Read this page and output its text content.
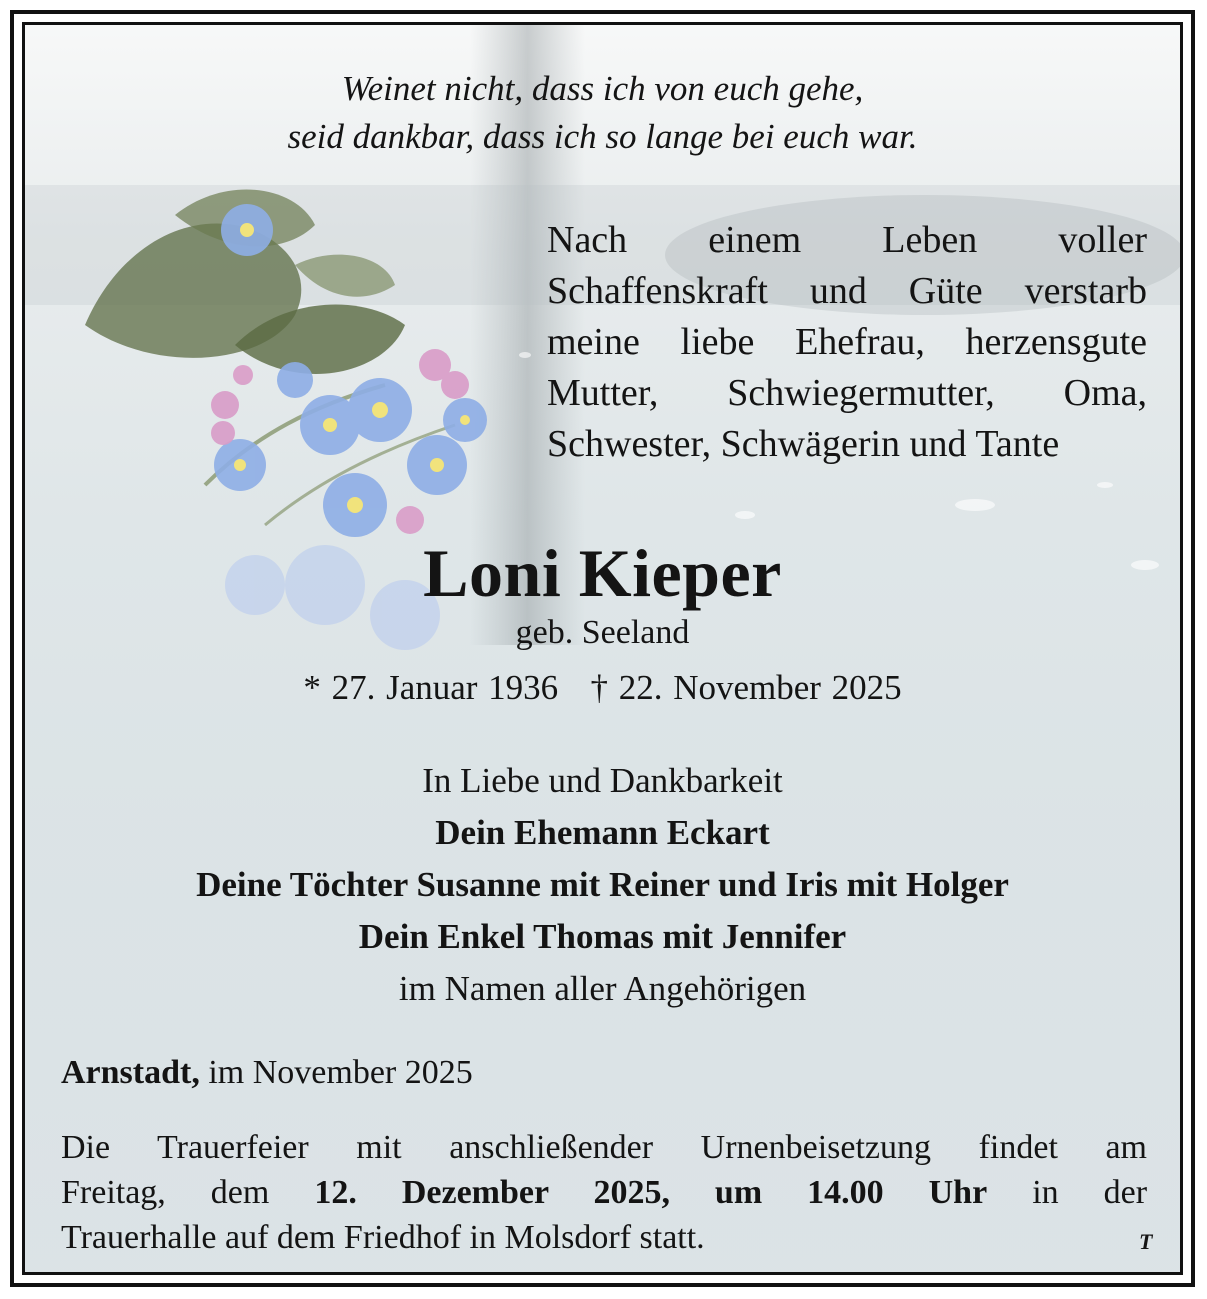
Weinet nicht, dass ich von euch gehe,
seid dankbar, dass ich so lange bei euch war.
Nach einem Leben voller
Schaffenskraft und Güte verstarb
meine liebe Ehefrau, herzensgute
Mutter, Schwiegermutter, Oma,
Schwester, Schwägerin und Tante
Loni Kieper
geb. Seeland
* 27. Januar 1936 † 22. November 2025
In Liebe und Dankbarkeit
Dein Ehemann Eckart
Deine Töchter Susanne mit Reiner und Iris mit Holger
Dein Enkel Thomas mit Jennifer
im Namen aller Angehörigen
Arnstadt, im November 2025
Die Trauerfeier mit anschließender Urnenbeisetzung findet am
Freitag, dem 12. Dezember 2025, um 14.00 Uhr in der
Trauerhalle auf dem Friedhof in Molsdorf statt.	T
